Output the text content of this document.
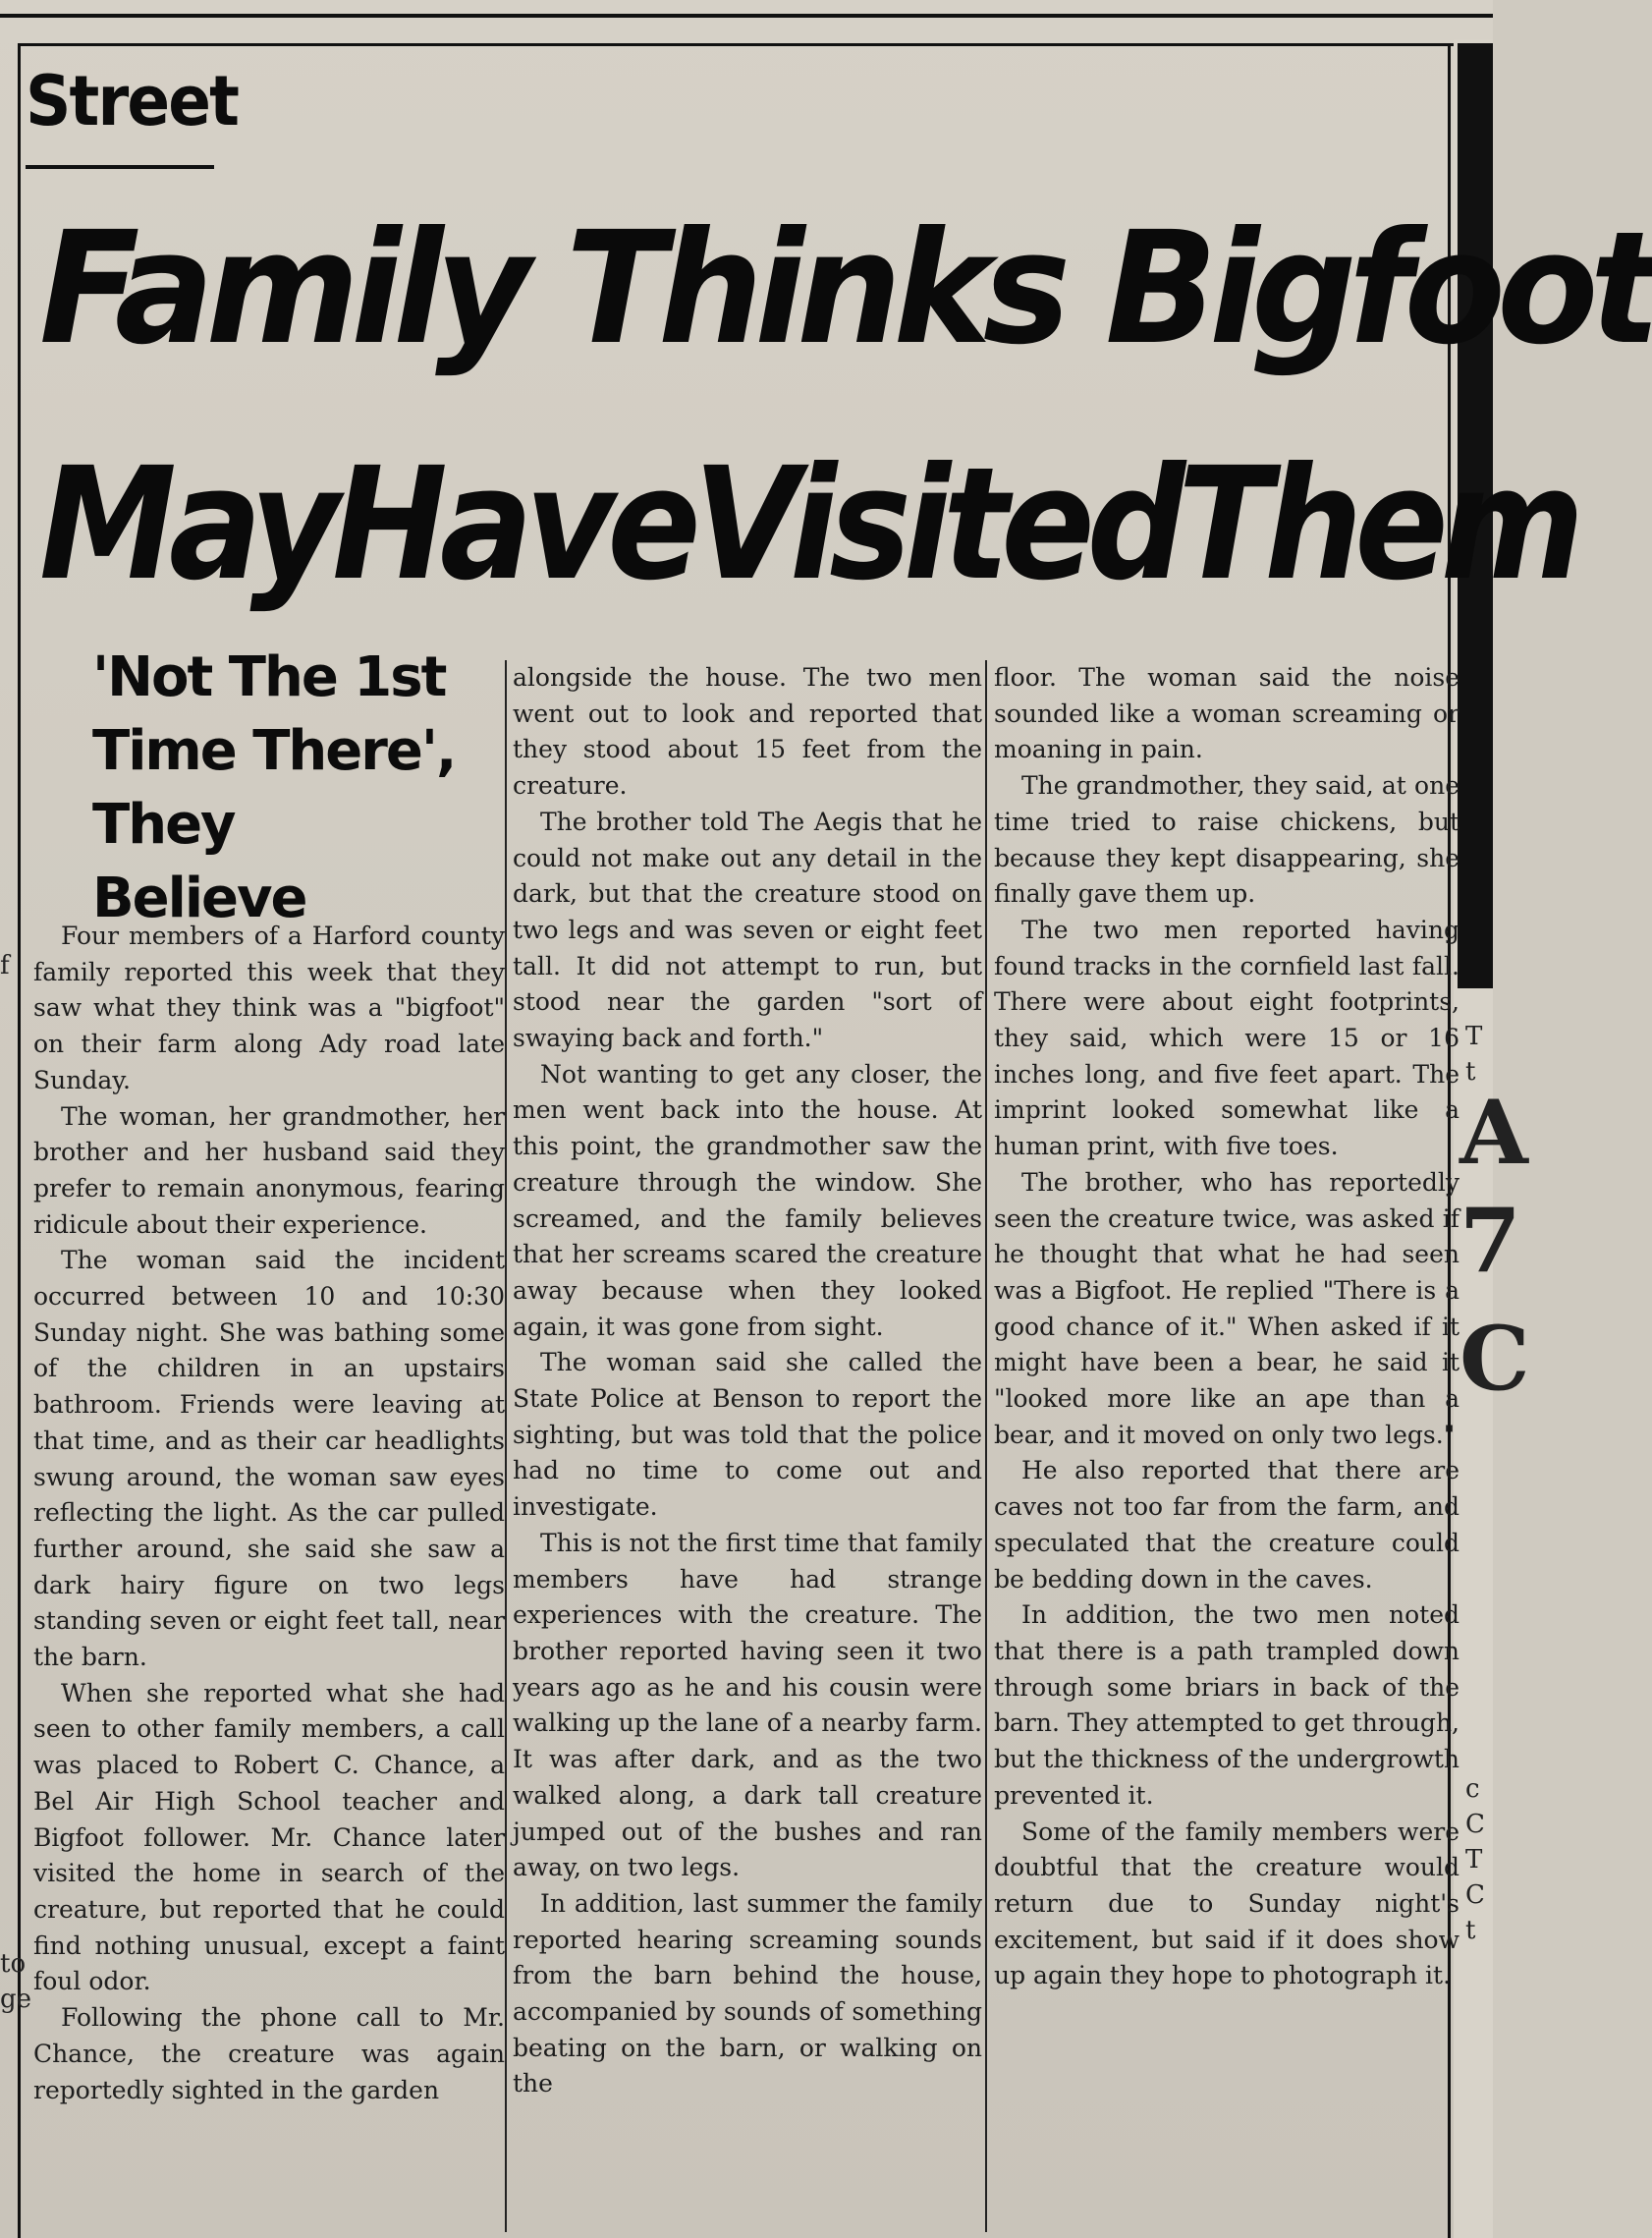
T
t
A
7
C
c
C
T
C
t
f
to
ge
Street
Family Thinks Bigfoot
MayHaveVisitedThem
'Not The 1st
Time There',
They Believe

Four members of a Harford county family reported this week that they saw what they think was a "bigfoot" on their farm along Ady road late Sunday.

The woman, her grandmother, her brother and her husband said they prefer to remain anonymous, fearing ridicule about their experience.

The woman said the incident occurred between 10 and 10:30 Sunday night. She was bathing some of the children in an upstairs bathroom. Friends were leaving at that time, and as their car headlights swung around, the woman saw eyes reflecting the light. As the car pulled further around, she said she saw a dark hairy figure on two legs standing seven or eight feet tall, near the barn.

When she reported what she had seen to other family members, a call was placed to Robert C. Chance, a Bel Air High School teacher and Bigfoot follower. Mr. Chance later visited the home in search of the creature, but reported that he could find nothing unusual, except a faint foul odor.

Following the phone call to Mr. Chance, the creature was again reportedly sighted in the garden

alongside the house. The two men went out to look and reported that they stood about 15 feet from the creature.

The brother told The Aegis that he could not make out any detail in the dark, but that the creature stood on two legs and was seven or eight feet tall. It did not attempt to run, but stood near the garden "sort of swaying back and forth."

Not wanting to get any closer, the men went back into the house. At this point, the grandmother saw the creature through the window. She screamed, and the family believes that her screams scared the creature away because when they looked again, it was gone from sight.

The woman said she called the State Police at Benson to report the sighting, but was told that the police had no time to come out and investigate.

This is not the first time that family members have had strange experiences with the creature. The brother reported having seen it two years ago as he and his cousin were walking up the lane of a nearby farm. It was after dark, and as the two walked along, a dark tall creature jumped out of the bushes and ran away, on two legs.

In addition, last summer the family reported hearing screaming sounds from the barn behind the house, accompanied by sounds of something beating on the barn, or walking on the

floor. The woman said the noise sounded like a woman screaming or moaning in pain.

The grandmother, they said, at one time tried to raise chickens, but because they kept disappearing, she finally gave them up.

The two men reported having found tracks in the cornfield last fall. There were about eight footprints, they said, which were 15 or 16 inches long, and five feet apart. The imprint looked somewhat like a human print, with five toes.

The brother, who has reportedly seen the creature twice, was asked if he thought that what he had seen was a Bigfoot. He replied "There is a good chance of it." When asked if it might have been a bear, he said it "looked more like an ape than a bear, and it moved on only two legs."

He also reported that there are caves not too far from the farm, and speculated that the creature could be bedding down in the caves.

In addition, the two men noted that there is a path trampled down through some briars in back of the barn. They attempted to get through, but the thickness of the undergrowth prevented it.

Some of the family members were doubtful that the creature would return due to Sunday night's excitement, but said if it does show up again they hope to photograph it.
